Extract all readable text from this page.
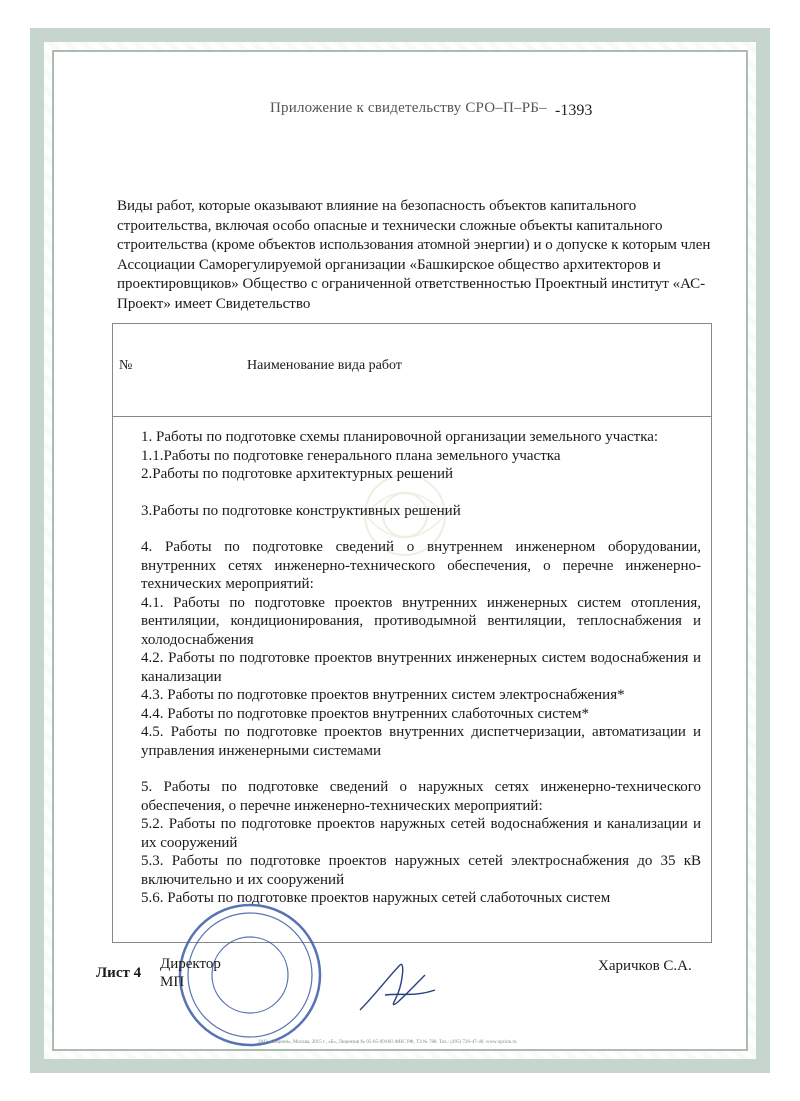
Приложение к свидетельству СРО–П–РБ– -1393

Виды работ, которые оказывают влияние на безопасность объектов капитального

строительства, включая особо опасные и технически сложные объекты капитального

строительства (кроме объектов использования атомной энергии) и о допуске к которым член

Ассоциации Саморегулируемой организации «Башкирское общество архитекторов и

проектировщиков» Общество с ограниченной ответственностью Проектный институт «АС-

Проект» имеет Свидетельство

№	Наименование вида работ

1. Работы по подготовке схемы планировочной организации земельного участка:

1.1.Работы по подготовке генерального плана земельного участка

2.Работы по подготовке архитектурных решений

3.Работы по подготовке конструктивных решений

4. Работы по подготовке сведений о внутреннем инженерном оборудовании, внутренних сетях инженерно-технического обеспечения, о перечне инженерно-технических мероприятий:

4.1. Работы по подготовке проектов внутренних инженерных систем отопления, вентиляции, кондиционирования, противодымной вентиляции, теплоснабжения и холодоснабжения

4.2. Работы по подготовке проектов внутренних инженерных систем водоснабжения и канализации

4.3. Работы по подготовке проектов внутренних систем электроснабжения*

4.4. Работы по подготовке проектов внутренних слаботочных систем*

4.5. Работы по подготовке проектов внутренних диспетчеризации, автоматизации и управления инженерными системами

5. Работы по подготовке сведений о наружных сетях инженерно-технического обеспечения, о перечне инженерно-технических мероприятий:

5.2. Работы по подготовке проектов наружных сетей водоснабжения и канализации и их сооружений

5.3. Работы по подготовке проектов наружных сетей электроснабжения до 35 кВ включительно и их сооружений

5.6. Работы по подготовке проектов наружных сетей слаботочных систем

Лист 4
Директор
МП
Харичков С.А.
ЗАО «Опцион», Москва, 2015 г., «Б», Лицензия № 05-05-09/003 ФНС РФ, ТЗ № 788. Тел.: (495) 726-47-40. www.opcion.ru
